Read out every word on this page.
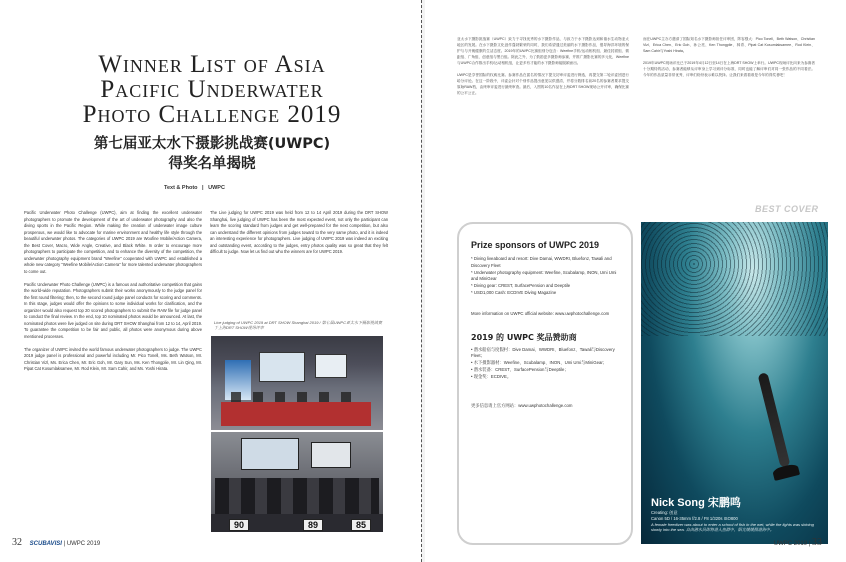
Winner List of Asia
Pacific Underwater
Photo Challenge 2019
第七届亚太水下摄影挑战赛(UWPC)
得奖名单揭晓
Text & Photo | UWPC

Pacific Underwater Photo Challenge (UWPC), aim at finding the excellent underwater photographers to promote the development of the art of underwater photography and also the diving sports in the Pacific Region. While making the creation of underwater image culture prosperous, we would like to advocate for marine environment and healthy life style through the beautiful underwater photos. The categories of UWPC 2019 are Woofine Mobile/Action Camera, the Best Cover, Macro, Wide Angle, Creative, and Black White. In order to encourage more photographers to participate the competition, and to enhance the diversity of the competition, the underwater photography equipment brand "Weefine" cooperated with UWPC and established a whole new category "Weefine Mobile/Action Camera" for more talented underwater photographers to come out.

Pacific Underwater Photo Challenge (UWPC) is a famous and authoritative competition that gains the world-wide reputation. Photographers submit their works anonymously to the judge panel for the first round filtering; then, to the second round judge panel conducts for scoring and comments. In this stage, judges would offer the opinions to some individual works for clarification, and the organizer would also request top 20 scored photographers to submit the RAW file for judge panel to conduct the final review. In the end, top 10 nominated photos would be announced. At last, the nominated photos were live judged on site during DRT SHOW Shanghai from 12 to 14, April 2019. To guarantee the competition to be fair and public, all photos were anonymous during above mentioned processes.

The organizer of UWPC invited the world famous underwater photographers to judge. The UWPC 2019 judge panel is professional and powerful including Mr. Pico Tonell, Ms. Beth Watson, Mr. Christian Vizl, Ms. Erica Chen, Mr. Eric Goh, Mr. Gary Sun, Ms. Ken Thongplie, Mr. Lin Qing, Mr. Pipat Cat Kosumlaksamee, Mr. Rod Klein, Mr. Sam Cahir, and Ms. Yoshi Hirata.

The Live judging for UWPC 2019 was held from 12 to 14 April 2019 during the DRT SHOW Shanghai, live judging of UWPC has been the most expected event, not only the participant can learn the scoring standard from judges and get well-prepared for the next competition, but also can understand the different opinions from judges toward to the very same photo, and it is indeed an interesting experience for photographers. Live judging of UWPC 2019 was indeed an exciting and outstanding event, according to the judges, entry photos quality was so great that they felt difficult to judge. Now let us find out who the winners are for UWPC 2019.

Live judging of UWPC 2019 at DRT SHOW Shanghai 2019 / 第七届UWPC亚太水下摄影挑战赛于上海DRT SHOW现场评审
90	89	85
32 SCUBAVISI | UWPC 2019

亚太水下摄影挑战赛（UWPC）致力于寻找优秀的水下摄影作品，与致力于水下摄影达到和谐水生动物亚太地区的发展。在水下摄影文化创作蓬勃繁荣的同时，我们希望通过美丽的水下摄影作品，倡导海洋环境的保护与与开朗健康的生活态度。2019年的UWPC比赛组别分包含：Weefine手机/运动相机组、最佳封面组、微距组、广角组、创意组与黑白组。除此之外，为了鼓励更多摄影师参赛，并推广摄影比赛的多元化，Weefine与UWPC合作推出手机/运动相机组，让更多有才能的水下摄影师能脱颖而出。

UWPC是享誉国际的权威比赛。参赛作品在匿名的情况下提交初审评委进行筛选，再提交第二轮评委团进行给分评论。在这一阶段中，评委会针对个别作品提出意见以供澄清，并将分数排名前20名的参赛者要求提交原始RAW档，由终审评委进行最终审查。最后，入围的10名作品在上海DRT SHOW现场公开评审，确保比赛的公平公正。

而在UWPC主办方邀请了国际知名水下摄影师担任评审团，阵容强大：Pico Tonell、Beth Watson、Christian Vizl、Erica Chen、Eric Goh、孙公亮、Ken Thongplie、林青、Pipat Cat Kosumlaksamee、Rod Klein、Sam Cahir与Yoshi Hirata。

2019年UWPC现场评比已于2019年4月12日至14日在上海DRT SHOW上举行。UWPC现场评比向来为参赛者十分期待的活动，参赛者能够从评审身上学习到评分标准，同时也能了解评审们对同一张作品的不同看法。今年的作品质量非常优秀，评审们纷纷表示难以抉择。让我们来看看谁是今年的得奖者吧！

BEST COVER
Prize sponsors of UWPC 2019
* Diving liveaboard and resort: Dive Damai, WWDRI, Bluefonz, Tawali and Discovery Fleet
* Underwater photography equipment: Weefine, Scubalamp, INON, Umi Umi and MiniGear
* Diving gear: CREST, SurfacePension and Deeptile
* USD1,000 Cash: ECDIVE Diving Magazine
More information on UWPC official website: www.uwphotochallenge.com
2019 的 UWPC 奖品赞助商
• 潜水船宿与度假村：Dive Damai、WWDRI、Bluefonz、Tawali与Discovery Fleet；
• 水下摄影器材：Weefine、Scubalamp、INON、Umi Umi与MiniGear；
• 潜水装备：CREST、SurfacePension与Deeptile；
• 现金奖：ECDIVE。
更多信息请上官方网站：www.uwphotochallenge.com
Nick Song 宋鹏鸣
Creating: 创意
Canon 5D / 16-35mm f/2.8 / F8 1/320s ISO800
A female freediver was about to enter a school of fish in the wet, while the lights was shining slowly into the sea. 自由潜水员即将进入鱼群中，阳光缓缓照进海中。
UWPC 2019 | 33
